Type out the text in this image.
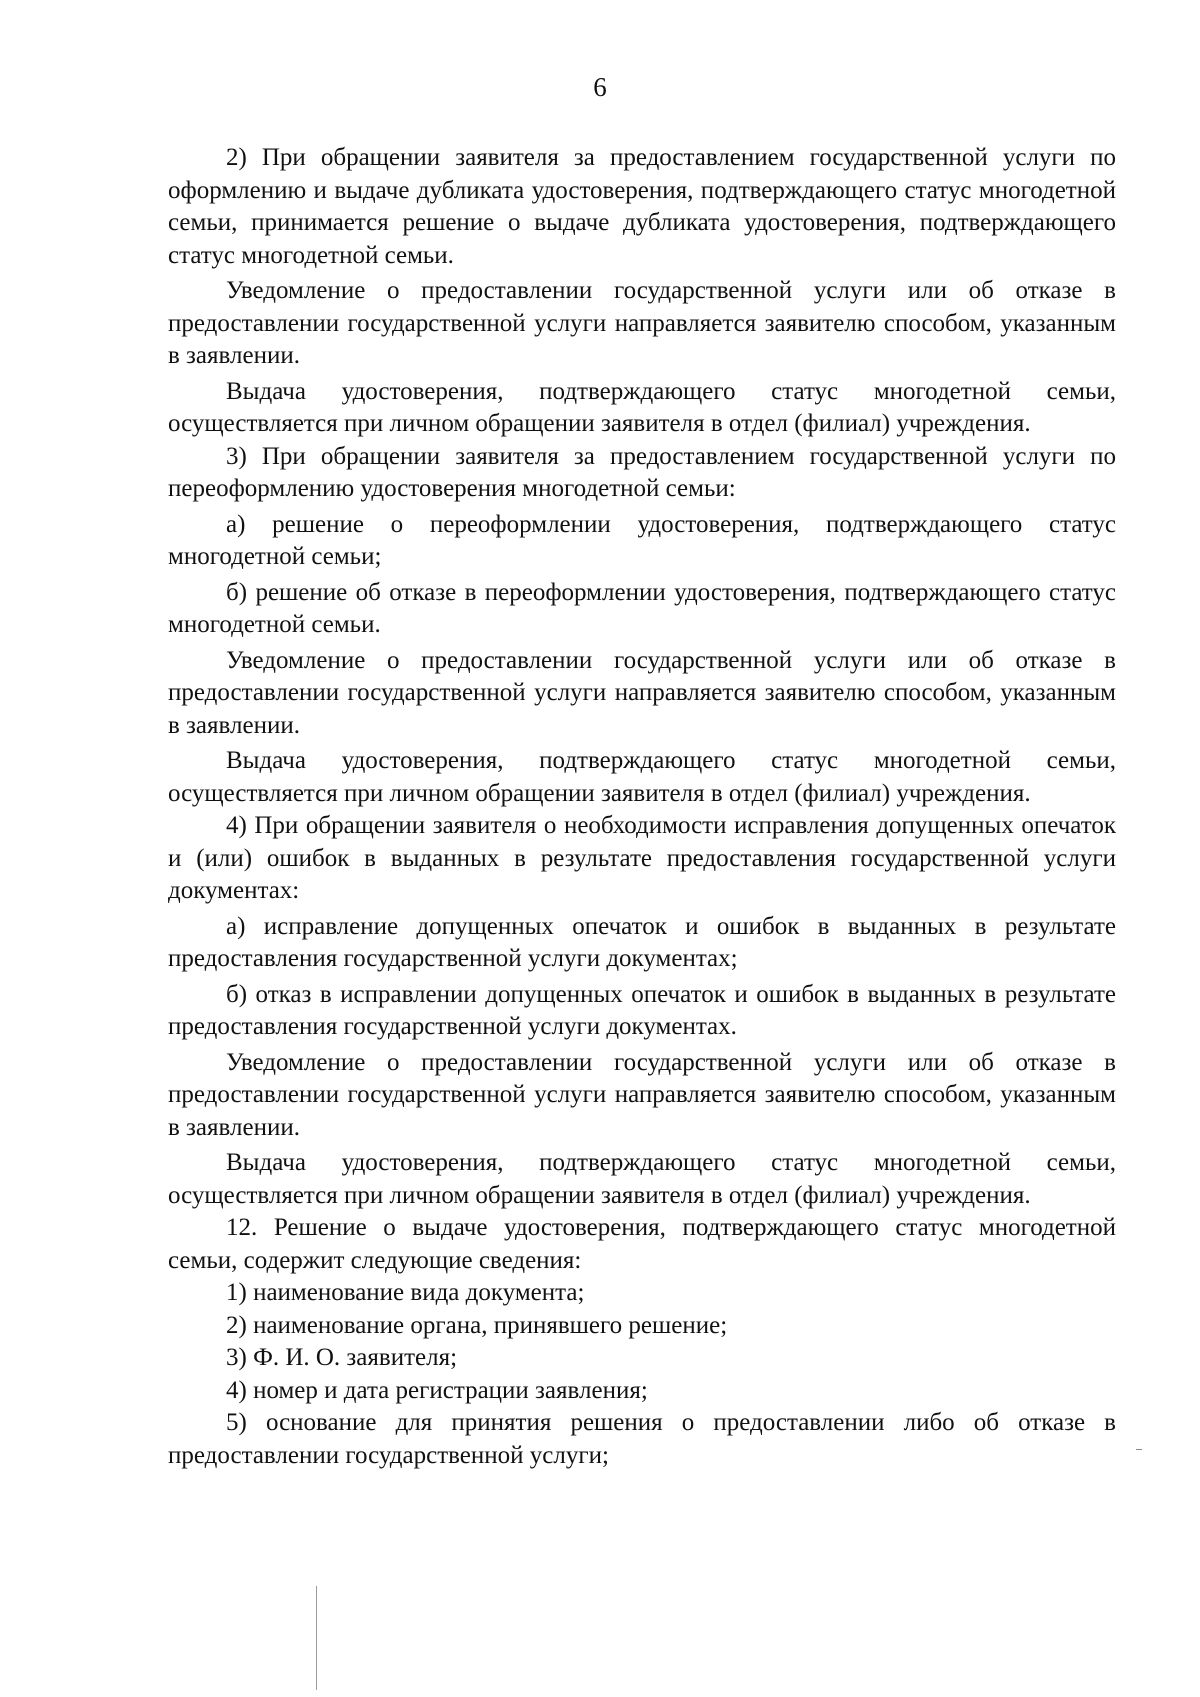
6

2) При обращении заявителя за предоставлением государственной услуги по оформлению и выдаче дубликата удостоверения, подтверждающего статус многодетной семьи, принимается решение о выдаче дубликата удостоверения, подтверждающего статус многодетной семьи.

Уведомление о предоставлении государственной услуги или об отказе в предоставлении государственной услуги направляется заявителю способом, указанным в заявлении.

Выдача удостоверения, подтверждающего статус многодетной семьи, осуществляется при личном обращении заявителя в отдел (филиал) учреждения.

3) При обращении заявителя за предоставлением государственной услуги по переоформлению удостоверения многодетной семьи:

а) решение о переоформлении удостоверения, подтверждающего статус многодетной семьи;

б) решение об отказе в переоформлении удостоверения, подтверждающего статус многодетной семьи.

Уведомление о предоставлении государственной услуги или об отказе в предоставлении государственной услуги направляется заявителю способом, указанным в заявлении.

Выдача удостоверения, подтверждающего статус многодетной семьи, осуществляется при личном обращении заявителя в отдел (филиал) учреждения.

4) При обращении заявителя о необходимости исправления допущенных опечаток и (или) ошибок в выданных в результате предоставления государственной услуги документах:

а) исправление допущенных опечаток и ошибок в выданных в результате предоставления государственной услуги документах;

б) отказ в исправлении допущенных опечаток и ошибок в выданных в результате предоставления государственной услуги документах.

Уведомление о предоставлении государственной услуги или об отказе в предоставлении государственной услуги направляется заявителю способом, указанным в заявлении.

Выдача удостоверения, подтверждающего статус многодетной семьи, осуществляется при личном обращении заявителя в отдел (филиал) учреждения.

12. Решение о выдаче удостоверения, подтверждающего статус многодетной семьи, содержит следующие сведения:

1) наименование вида документа;

2) наименование органа, принявшего решение;

3) Ф. И. О. заявителя;

4) номер и дата регистрации заявления;

5) основание для принятия решения о предоставлении либо об отказе в предоставлении государственной услуги;
